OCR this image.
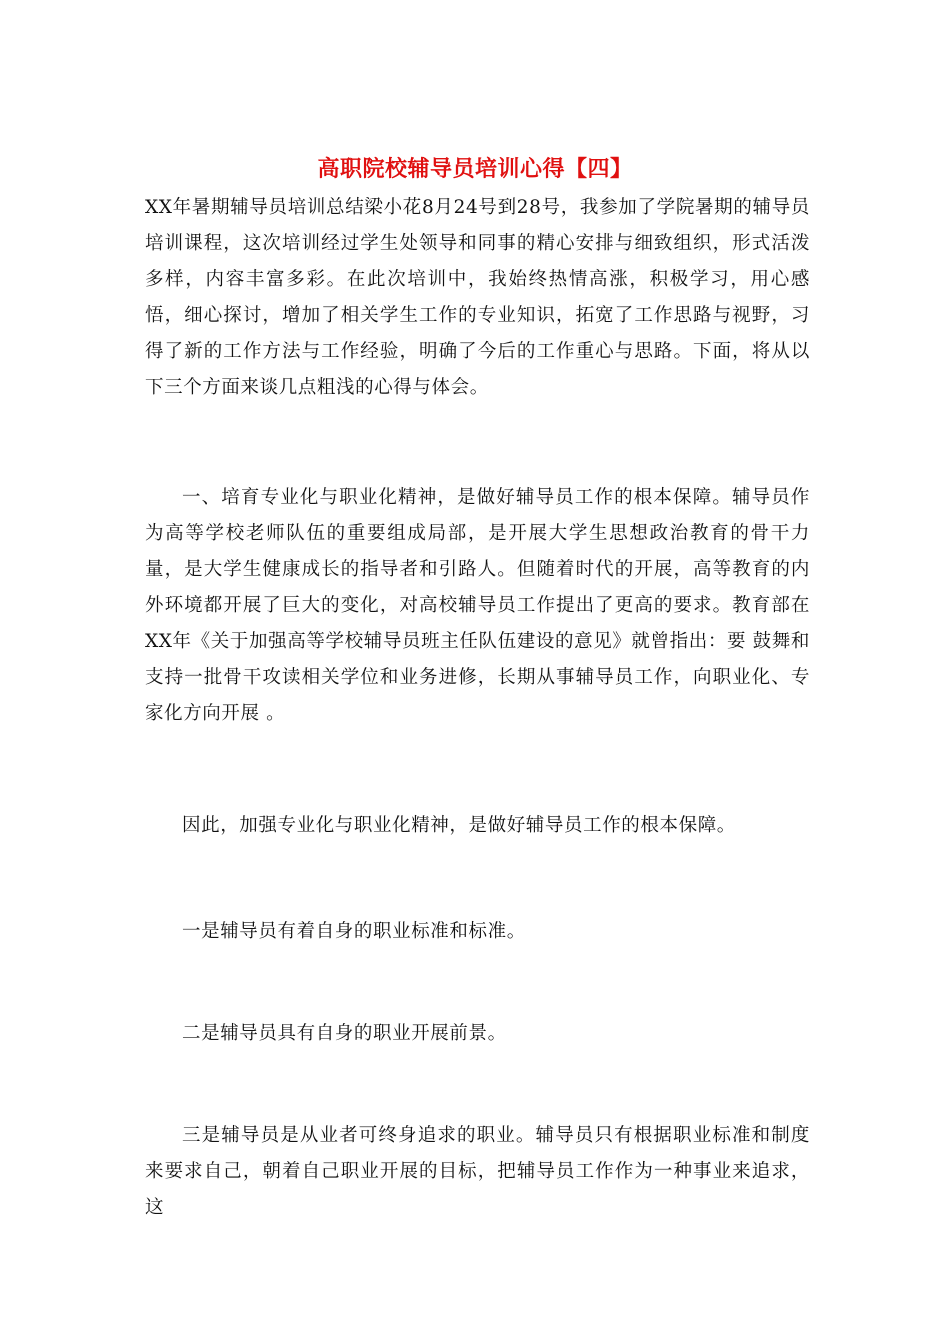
高职院校辅导员培训心得【四】

XX年暑期辅导员培训总结梁小花8月24号到28号，我参加了学院暑期的辅导员培训课程，这次培训经过学生处领导和同事的精心安排与细致组织，形式活泼多样，内容丰富多彩。在此次培训中，我始终热情高涨，积极学习，用心感悟，细心探讨，增加了相关学生工作的专业知识，拓宽了工作思路与视野，习得了新的工作方法与工作经验，明确了今后的工作重心与思路。下面，将从以下三个方面来谈几点粗浅的心得与体会。

一、培育专业化与职业化精神，是做好辅导员工作的根本保障。辅导员作为高等学校老师队伍的重要组成局部，是开展大学生思想政治教育的骨干力量，是大学生健康成长的指导者和引路人。但随着时代的开展，高等教育的内外环境都开展了巨大的变化，对高校辅导员工作提出了更高的要求。教育部在XX年《关于加强高等学校辅导员班主任队伍建设的意见》就曾指出：要 鼓舞和支持一批骨干攻读相关学位和业务进修，长期从事辅导员工作，向职业化、专家化方向开展 。

因此，加强专业化与职业化精神，是做好辅导员工作的根本保障。

一是辅导员有着自身的职业标准和标准。

二是辅导员具有自身的职业开展前景。

三是辅导员是从业者可终身追求的职业。辅导员只有根据职业标准和制度来要求自己，朝着自己职业开展的目标，把辅导员工作作为一种事业来追求，这
